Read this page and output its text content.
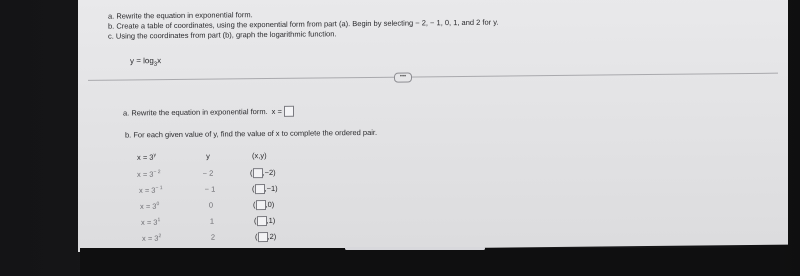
a. Rewrite the equation in exponential form.
b. Create a table of coordinates, using the exponential form from part (a). Begin by selecting − 2, − 1, 0, 1, and 2 for y.
c. Using the coordinates from part (b), graph the logarithmic function.
$y = \log_3x$
•••
a. Rewrite the equation in exponential form. x =
b. For each given value of y, find the value of x to complete the ordered pair.
$x = 3^y$	y	(x,y)
$x = 3^{- 2}$	− 2	( ,−2)
$x = 3^{- 1}$	− 1	( ,−1)
$x = 3^0$	0	( ,0)
$x = 3^1$	1	( ,1)
$x = 3^2$	2	( ,2)
